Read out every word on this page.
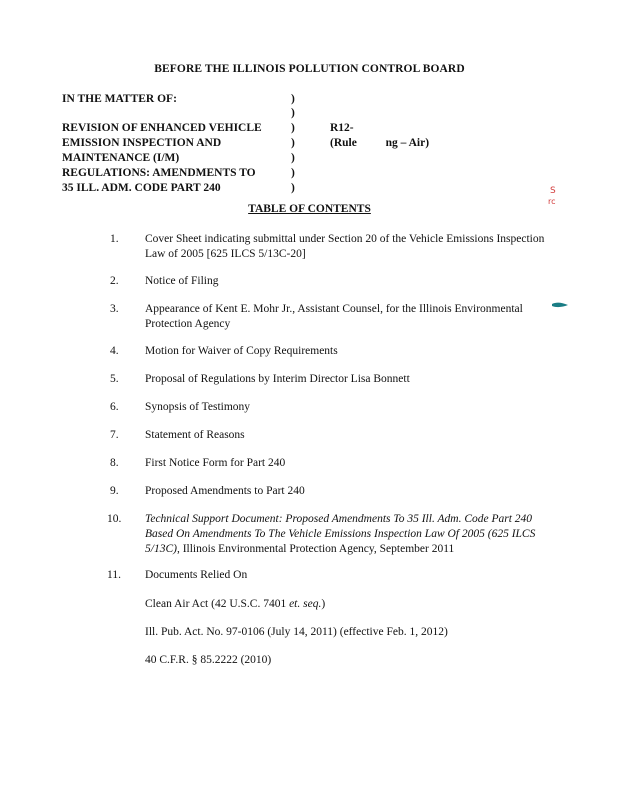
BEFORE THE ILLINOIS POLLUTION CONTROL BOARD
IN THE MATTER OF:
REVISION OF ENHANCED VEHICLE
EMISSION INSPECTION AND
MAINTENANCE (I/M)
REGULATIONS: AMENDMENTS TO
35 ILL. ADM. CODE PART 240
)
)
)
)
)
)
)
R12-
(Rule          ng – Air)
S
rc
TABLE OF CONTENTS
1. Cover Sheet indicating submittal under Section 20 of the Vehicle Emissions Inspection Law of 2005 [625 ILCS 5/13C-20]
2. Notice of Filing
3. Appearance of Kent E. Mohr Jr., Assistant Counsel, for the Illinois Environmental Protection Agency
4. Motion for Waiver of Copy Requirements
5. Proposal of Regulations by Interim Director Lisa Bonnett
6. Synopsis of Testimony
7. Statement of Reasons
8. First Notice Form for Part 240
9. Proposed Amendments to Part 240
10. Technical Support Document: Proposed Amendments To 35 Ill. Adm. Code Part 240 Based On Amendments To The Vehicle Emissions Inspection Law Of 2005 (625 ILCS 5/13C), Illinois Environmental Protection Agency, September 2011
11. Documents Relied On
Clean Air Act (42 U.S.C. 7401 et. seq.)
Ill. Pub. Act. No. 97-0106 (July 14, 2011) (effective Feb. 1, 2012)
40 C.F.R. § 85.2222 (2010)
